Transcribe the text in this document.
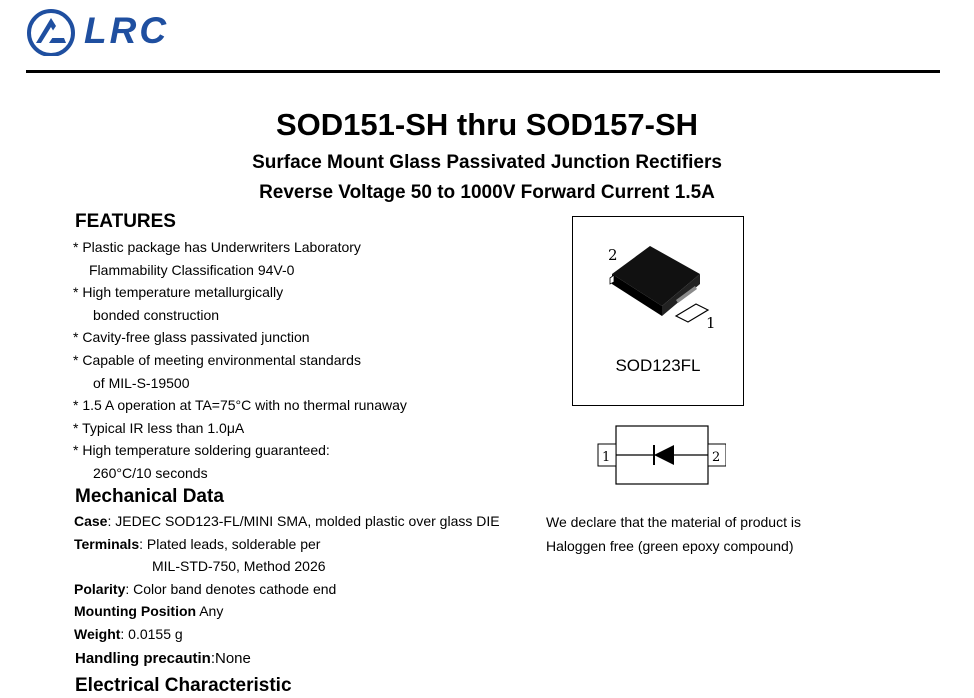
LRC
SOD151-SH thru SOD157-SH
Surface Mount Glass Passivated Junction Rectifiers
Reverse Voltage 50 to 1000V Forward Current 1.5A
FEATURES
* Plastic package has Underwriters Laboratory
Flammability Classification 94V-0
* High temperature metallurgically
bonded construction
* Cavity-free glass passivated junction
* Capable of meeting environmental standards
of MIL-S-19500
* 1.5 A operation at TA=75°C with no thermal runaway
* Typical IR less than 1.0μA
* High temperature soldering guaranteed:
260°C/10 seconds
Mechanical Data
Case: JEDEC SOD123-FL/MINI SMA, molded plastic over glass DIE
Terminals: Plated leads, solderable per
MIL-STD-750, Method 2026
Polarity: Color band denotes cathode end
Mounting Position Any
Weight: 0.0155 g
Handling precautin:None
Electrical Characteristic
2
1
SOD123FL
1	2
We declare that the material of product is
Haloggen free (green epoxy compound)
